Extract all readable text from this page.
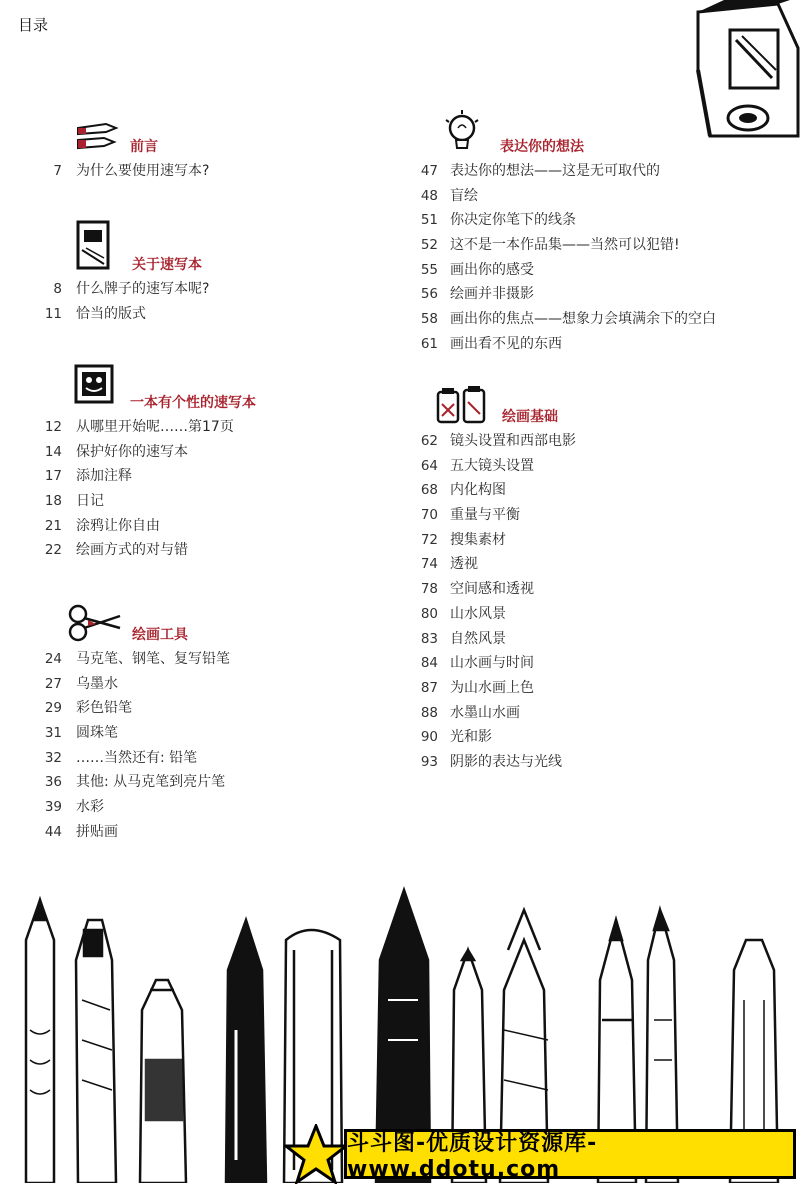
目录
前言
7 为什么要使用速写本?
关于速写本
8 什么牌子的速写本呢?
11 恰当的版式
一本有个性的速写本
12 从哪里开始呢……第17页
14 保护好你的速写本
17 添加注释
18 日记
21 涂鸦让你自由
22 绘画方式的对与错
绘画工具
24 马克笔、钢笔、复写铅笔
27 乌墨水
29 彩色铅笔
31 圆珠笔
32 ……当然还有: 铅笔
36 其他: 从马克笔到亮片笔
39 水彩
44 拼贴画
表达你的想法
47 表达你的想法——这是无可取代的
48 盲绘
51 你决定你笔下的线条
52 这不是一本作品集——当然可以犯错!
55 画出你的感受
56 绘画并非摄影
58 画出你的焦点——想象力会填满余下的空白
61 画出看不见的东西
绘画基础
62 镜头设置和西部电影
64 五大镜头设置
68 内化构图
70 重量与平衡
72 搜集素材
74 透视
78 空间感和透视
80 山水风景
83 自然风景
84 山水画与时间
87 为山水画上色
88 水墨山水画
90 光和影
93 阴影的表达与光线
斗斗图-优质设计资源库-www.ddotu.com
